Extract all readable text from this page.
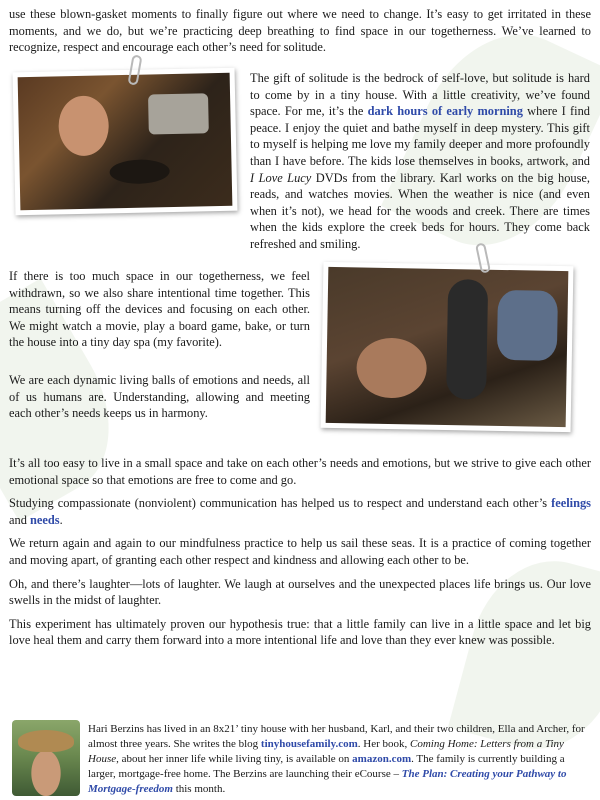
use these blown-gasket moments to finally figure out where we need to change. It’s easy to get irritated in these moments, and we do, but we’re practicing deep breathing to find space in our togetherness. We’ve learned to recognize, respect and encourage each other’s need for solitude.

The gift of solitude is the bedrock of self-love, but solitude is hard to come by in a tiny house. With a little creativity, we’ve found space. For me, it’s the dark hours of early morning where I find peace. I enjoy the quiet and bathe myself in deep mystery. This gift to myself is helping me love my family deeper and more profoundly than I have before. The kids lose themselves in books, artwork, and I Love Lucy DVDs from the library. Karl works on the big house, reads, and watches movies. When the weather is nice (and even when it’s not), we head for the woods and creek. There are times when the kids explore the creek beds for hours. They come back refreshed and smiling.

If there is too much space in our togetherness, we feel withdrawn, so we also share intentional time together. This means turning off the devices and focusing on each other. We might watch a movie, play a board game, bake, or turn the house into a tiny day spa (my favorite).

We are each dynamic living balls of emotions and needs, all of us humans are. Understanding, allowing and meeting each other’s needs keeps us in harmony.

It’s all too easy to live in a small space and take on each other’s needs and emotions, but we strive to give each other emotional space so that emotions are free to come and go.

Studying compassionate (nonviolent) communication has helped us to respect and understand each other’s feelings and needs.

We return again and again to our mindfulness practice to help us sail these seas. It is a practice of coming together and moving apart, of granting each other respect and kindness and allowing each other to be.

Oh, and there’s laughter—lots of laughter. We laugh at ourselves and the unexpected places life brings us. Our love swells in the midst of laughter.

This experiment has ultimately proven our hypothesis true: that a little family can live in a little space and let big love heal them and carry them forward into a more intentional life and love than they ever knew was possible.

Hari Berzins has lived in an 8x21’ tiny house with her husband, Karl, and their two children, Ella and Archer, for almost three years. She writes the blog tinyhousefamily.com. Her book, Coming Home: Letters from a Tiny House, about her inner life while living tiny, is available on amazon.com. The family is currently building a larger, mortgage-free home. The Berzins are launching their eCourse – The Plan: Creating your Pathway to Mortgage-freedom this month.
